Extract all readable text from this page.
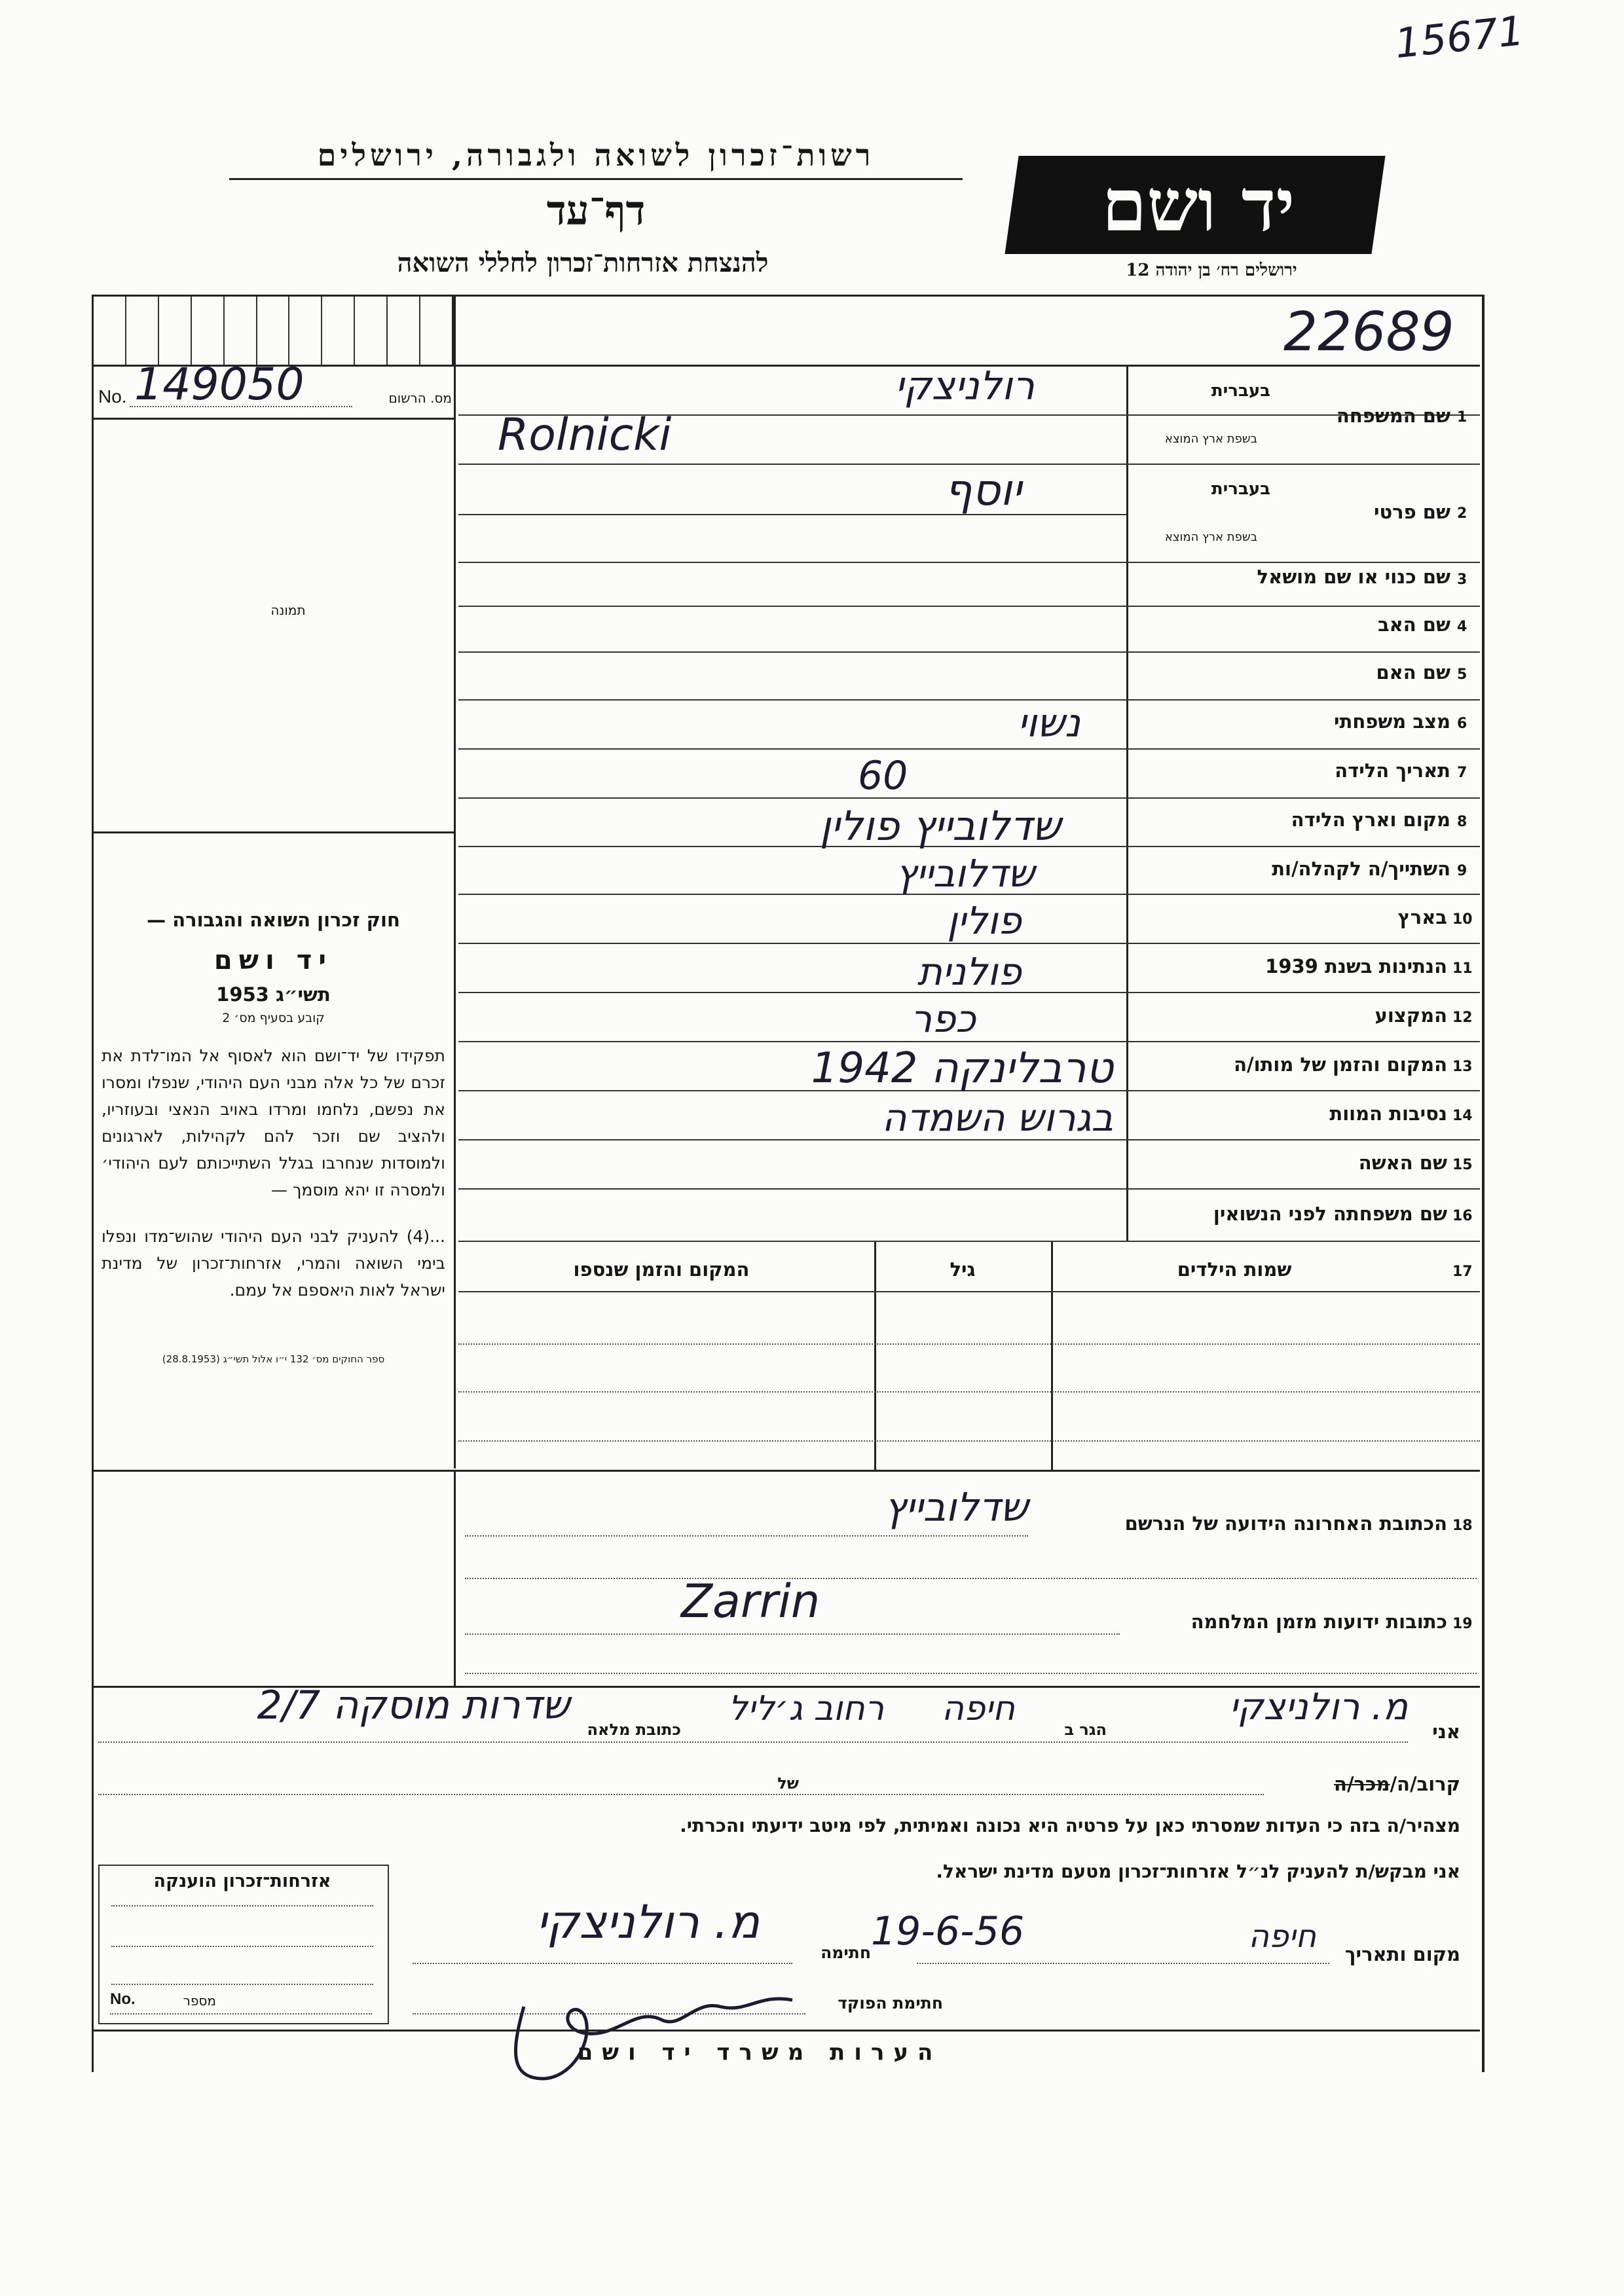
15671
רשות־זכרון לשואה ולגבורה, ירושלים
דף־עד
להנצחת אזרחות־זכרון לחללי השואה
יד ושם
ירושלים רח׳ בן יהודה 12
22689
No. 149050	מס. הרשום
תמונה

חוק זכרון השואה והגבורה —

יד ושם

תשי״ג 1953

קובע בסעיף מס׳ 2

תפקידו של יד־ושם הוא לאסוף אל המו־לדת את זכרם של כל אלה מבני העם היהודי, שנפלו ומסרו את נפשם, נלחמו ומרדו באויב הנאצי ובעוזריו, ולהציב שם וזכר להם לקהילות, לארגונים ולמוסדות שנחרבו בגלל השתייכותם לעם היהודי׳ ולמסרה זו יהא מוסמך —

...(4) להעניק לבני העם היהודי שהוש־מדו ונפלו בימי השואה והמרי, אזרחות־זכרון של מדינת ישראל לאות היאספם אל עמם.

ספר החוקים מס׳ 132 י״ו אלול תשי״ג (28.8.1953)

1
שם המשפחה
בעברית
בשפת ארץ המוצא
רולניצקי
Rolnicki
2
שם פרטי
בעברית
בשפת ארץ המוצא
יוסף
3
שם כנוי או שם מושאל
4
שם האב
5
שם האם
6
מצב משפחתי
נשוי
7
תאריך הלידה
60
8
מקום וארץ הלידה
שדלובייץ פולין
9
השתייך/ה לקהלה/ות
שדלובייץ
10
בארץ
פולין
11
הנתינות בשנת 1939
פולנית
12
המקצוע
כפר
13
המקום והזמן של מותו/ה
טרבלינקה 1942
14
נסיבות המוות
בגרוש השמדה
15
שם האשה
16
שם משפחתה לפני הנשואין
17
שמות הילדים
גיל
המקום והזמן שנספו
18
הכתובת האחרונה הידועה של הנרשם
שדלובייץ
19
כתובות ידועות מזמן המלחמה
Zarrin
אני
מ. רולניצקי
הגר ב
חיפה
רחוב ג׳ליל
כתובת מלאה
שדרות מוסקה 2/7
קרוב/ה/מכר/ה
של
מצהיר/ה בזה כי העדות שמסרתי כאן על פרטיה היא נכונה ואמיתית, לפי מיטב ידיעתי והכרתי.
אני מבקש/ת להעניק לנ״ל אזרחות־זכרון מטעם מדינת ישראל.
אזרחות־זכרון הוענקה
No.	מספר
מקום ותאריך
חיפה
19-6-56
חתימה
מ. רולניצקי
חתימת הפוקד
הערות משרד יד ושם
